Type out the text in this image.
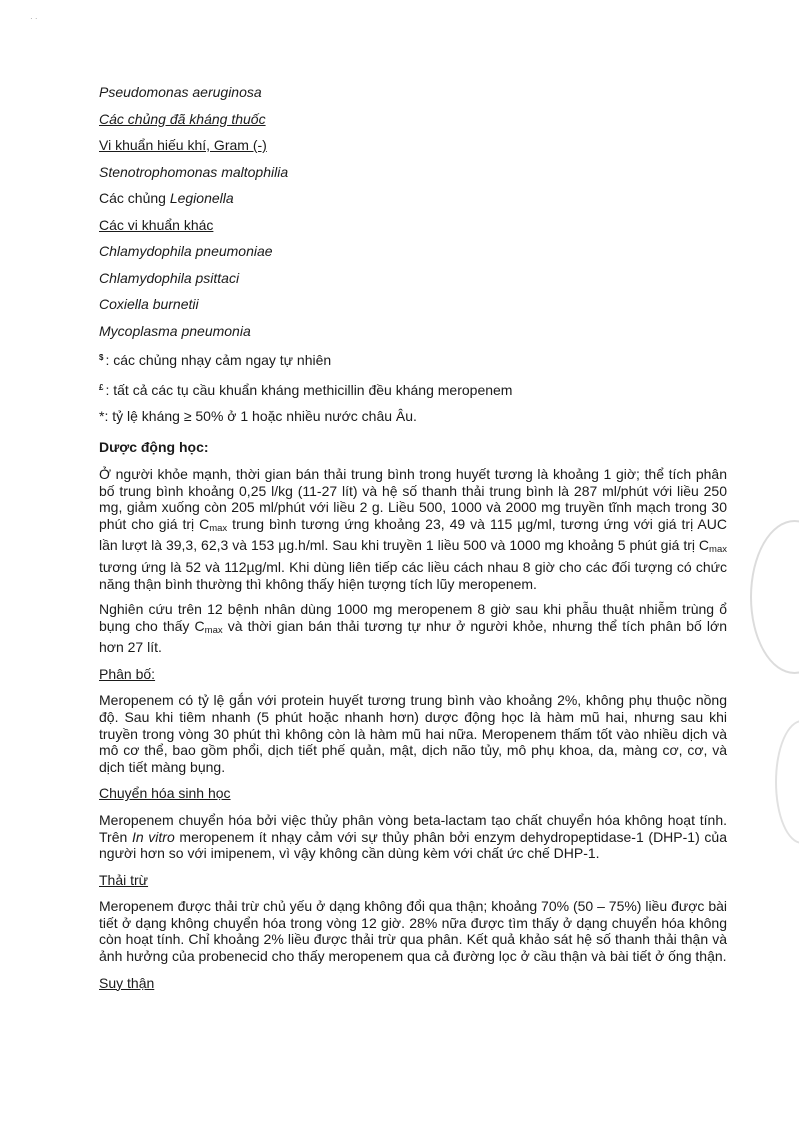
· ·
Pseudomonas aeruginosa
Các chủng đã kháng thuốc
Vi khuẩn hiếu khí, Gram (-)
Stenotrophomonas maltophilia
Các chủng Legionella
Các vi khuẩn khác
Chlamydophila pneumoniae
Chlamydophila psittaci
Coxiella burnetii
Mycoplasma pneumonia
$ : các chủng nhạy cảm ngay tự nhiên
£ : tất cả các tụ cầu khuẩn kháng methicillin đều kháng meropenem
*: tỷ lệ kháng ≥ 50% ở 1 hoặc nhiều nước châu Âu.
Dược động học:

Ở người khỏe mạnh, thời gian bán thải trung bình trong huyết tương là khoảng 1 giờ; thể tích phân bố trung bình khoảng 0,25 l/kg (11-27 lít) và hệ số thanh thải trung bình là 287 ml/phút với liều 250 mg, giảm xuống còn 205 ml/phút với liều 2 g. Liều 500, 1000 và 2000 mg truyền tĩnh mạch trong 30 phút cho giá trị $C_{max}$ trung bình tương ứng khoảng 23, 49 và 115 µg/ml, tương ứng với giá trị AUC lần lượt là 39,3, 62,3 và 153 µg.h/ml. Sau khi truyền 1 liều 500 và 1000 mg khoảng 5 phút giá trị $C_{max}$ tương ứng là 52 và 112µg/ml. Khi dùng liên tiếp các liều cách nhau 8 giờ cho các đối tượng có chức năng thận bình thường thì không thấy hiện tượng tích lũy meropenem.

Nghiên cứu trên 12 bệnh nhân dùng 1000 mg meropenem 8 giờ sau khi phẫu thuật nhiễm trùng ổ bụng cho thấy $C_{max}$ và thời gian bán thải tương tự như ở người khỏe, nhưng thể tích phân bố lớn hơn 27 lít.

Phân bố:

Meropenem có tỷ lệ gắn với protein huyết tương trung bình vào khoảng 2%, không phụ thuộc nồng độ. Sau khi tiêm nhanh (5 phút hoặc nhanh hơn) dược động học là hàm mũ hai, nhưng sau khi truyền trong vòng 30 phút thì không còn là hàm mũ hai nữa. Meropenem thấm tốt vào nhiều dịch và mô cơ thể, bao gồm phổi, dịch tiết phế quản, mật, dịch não tủy, mô phụ khoa, da, màng cơ, cơ, và dịch tiết màng bụng.

Chuyển hóa sinh học

Meropenem chuyển hóa bởi việc thủy phân vòng beta-lactam tạo chất chuyển hóa không hoạt tính. Trên In vitro meropenem ít nhạy cảm với sự thủy phân bởi enzym dehydropeptidase-1 (DHP-1) của người hơn so với imipenem, vì vậy không cần dùng kèm với chất ức chế DHP-1.

Thải trừ

Meropenem được thải trừ chủ yếu ở dạng không đổi qua thận; khoảng 70% (50 – 75%) liều được bài tiết ở dạng không chuyển hóa trong vòng 12 giờ. 28% nữa được tìm thấy ở dạng chuyển hóa không còn hoạt tính. Chỉ khoảng 2% liều được thải trừ qua phân. Kết quả khảo sát hệ số thanh thải thận và ảnh hưởng của probenecid cho thấy meropenem qua cả đường lọc ở cầu thận và bài tiết ở ống thận.

Suy thận
